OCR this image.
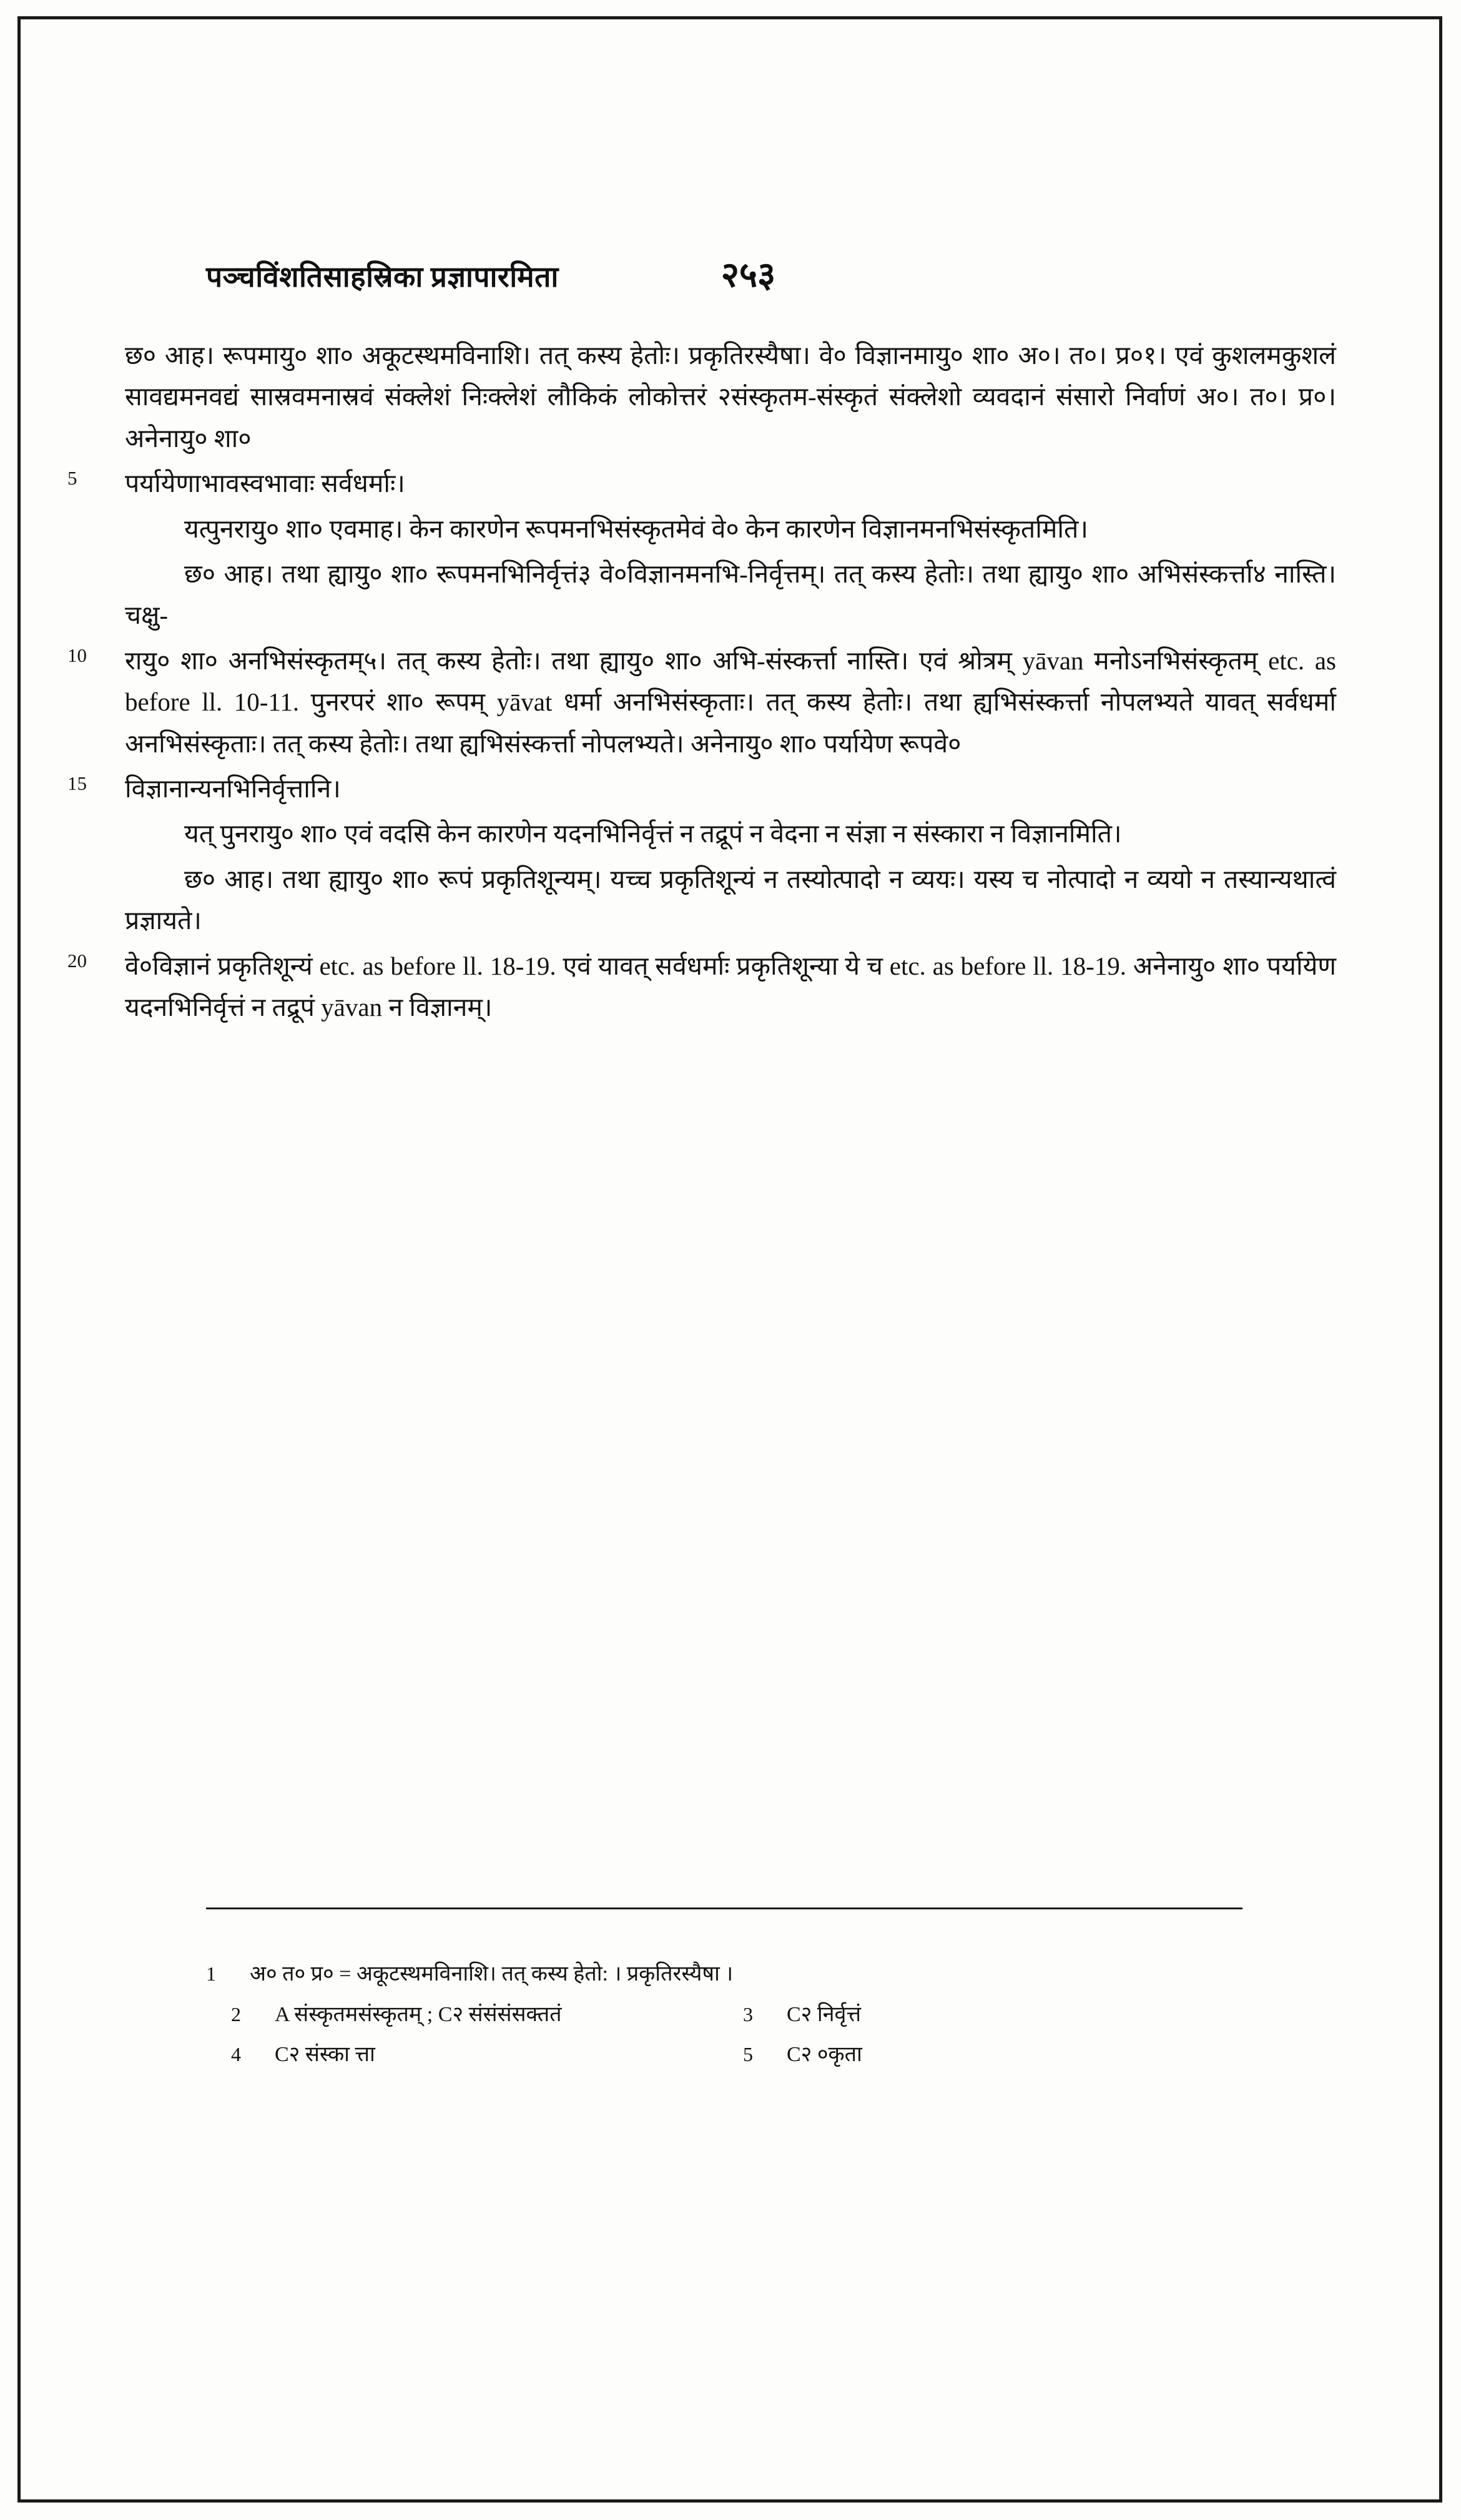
पञ्चविंशतिसाहस्रिका प्रज्ञापारमिता	२५३

छ० आह। रूपमायु० शा० अकूटस्थमविनाशि। तत् कस्य हेतोः। प्रकृतिरस्यैषा। वे० विज्ञानमायु० शा० अ०। त०। प्र०१। एवं कुशलमकुशलं सावद्यमनवद्यं सास्रवमनास्रवं संक्लेशं निःक्लेशं लौकिकं लोकोत्तरं २संस्कृतम-संस्कृतं संक्लेशो व्यवदानं संसारो निर्वाणं अ०। त०। प्र०। अनेनायु० शा०

5 पर्यायेणाभावस्वभावाः सर्वधर्माः।

यत्पुनरायु० शा० एवमाह। केन कारणेन रूपमनभिसंस्कृतमेवं वे० केन कारणेन विज्ञानमनभिसंस्कृतमिति।

छ० आह। तथा ह्यायु० शा० रूपमनभिनिर्वृत्तं३ वे०विज्ञानमनभि-निर्वृत्तम्। तत् कस्य हेतोः। तथा ह्यायु० शा० अभिसंस्कर्त्ता४ नास्ति। चक्षु-

10 रायु० शा० अनभिसंस्कृतम्५। तत् कस्य हेतोः। तथा ह्यायु० शा० अभि-संस्कर्त्ता नास्ति। एवं श्रोत्रम् yāvan मनोऽनभिसंस्कृतम् etc. as before ll. 10-11. पुनरपरं शा० रूपम् yāvat धर्मा अनभिसंस्कृताः। तत् कस्य हेतोः। तथा ह्यभिसंस्कर्त्ता नोपलभ्यते यावत् सर्वधर्मा अनभिसंस्कृताः। तत् कस्य हेतोः। तथा ह्यभिसंस्कर्त्ता नोपलभ्यते। अनेनायु० शा० पर्यायेण रूपवे०

15 विज्ञानान्यनभिनिर्वृत्तानि।

यत् पुनरायु० शा० एवं वदसि केन कारणेन यदनभिनिर्वृत्तं न तद्रूपं न वेदना न संज्ञा न संस्कारा न विज्ञानमिति।

छ० आह। तथा ह्यायु० शा० रूपं प्रकृतिशून्यम्। यच्च प्रकृतिशून्यं न तस्योत्पादो न व्ययः। यस्य च नोत्पादो न व्ययो न तस्यान्यथात्वं प्रज्ञायते।

20 वे०विज्ञानं प्रकृतिशून्यं etc. as before ll. 18-19. एवं यावत् सर्वधर्माः प्रकृतिशून्या ये च etc. as before ll. 18-19. अनेनायु० शा० पर्यायेण यदनभिनिर्वृत्तं न तद्रूपं yāvan न विज्ञानम्।

1	अ० त० प्र० = अकूटस्थमविनाशि। तत् कस्य हेतो: । प्रकृतिरस्यैषा ।
2	A संस्कृतमसंस्कृतम् ; C२ संसंसंसक्ततं	3	C२ निर्वृत्तं
4	C२ संस्का त्ता	5	C२ ०कृता
